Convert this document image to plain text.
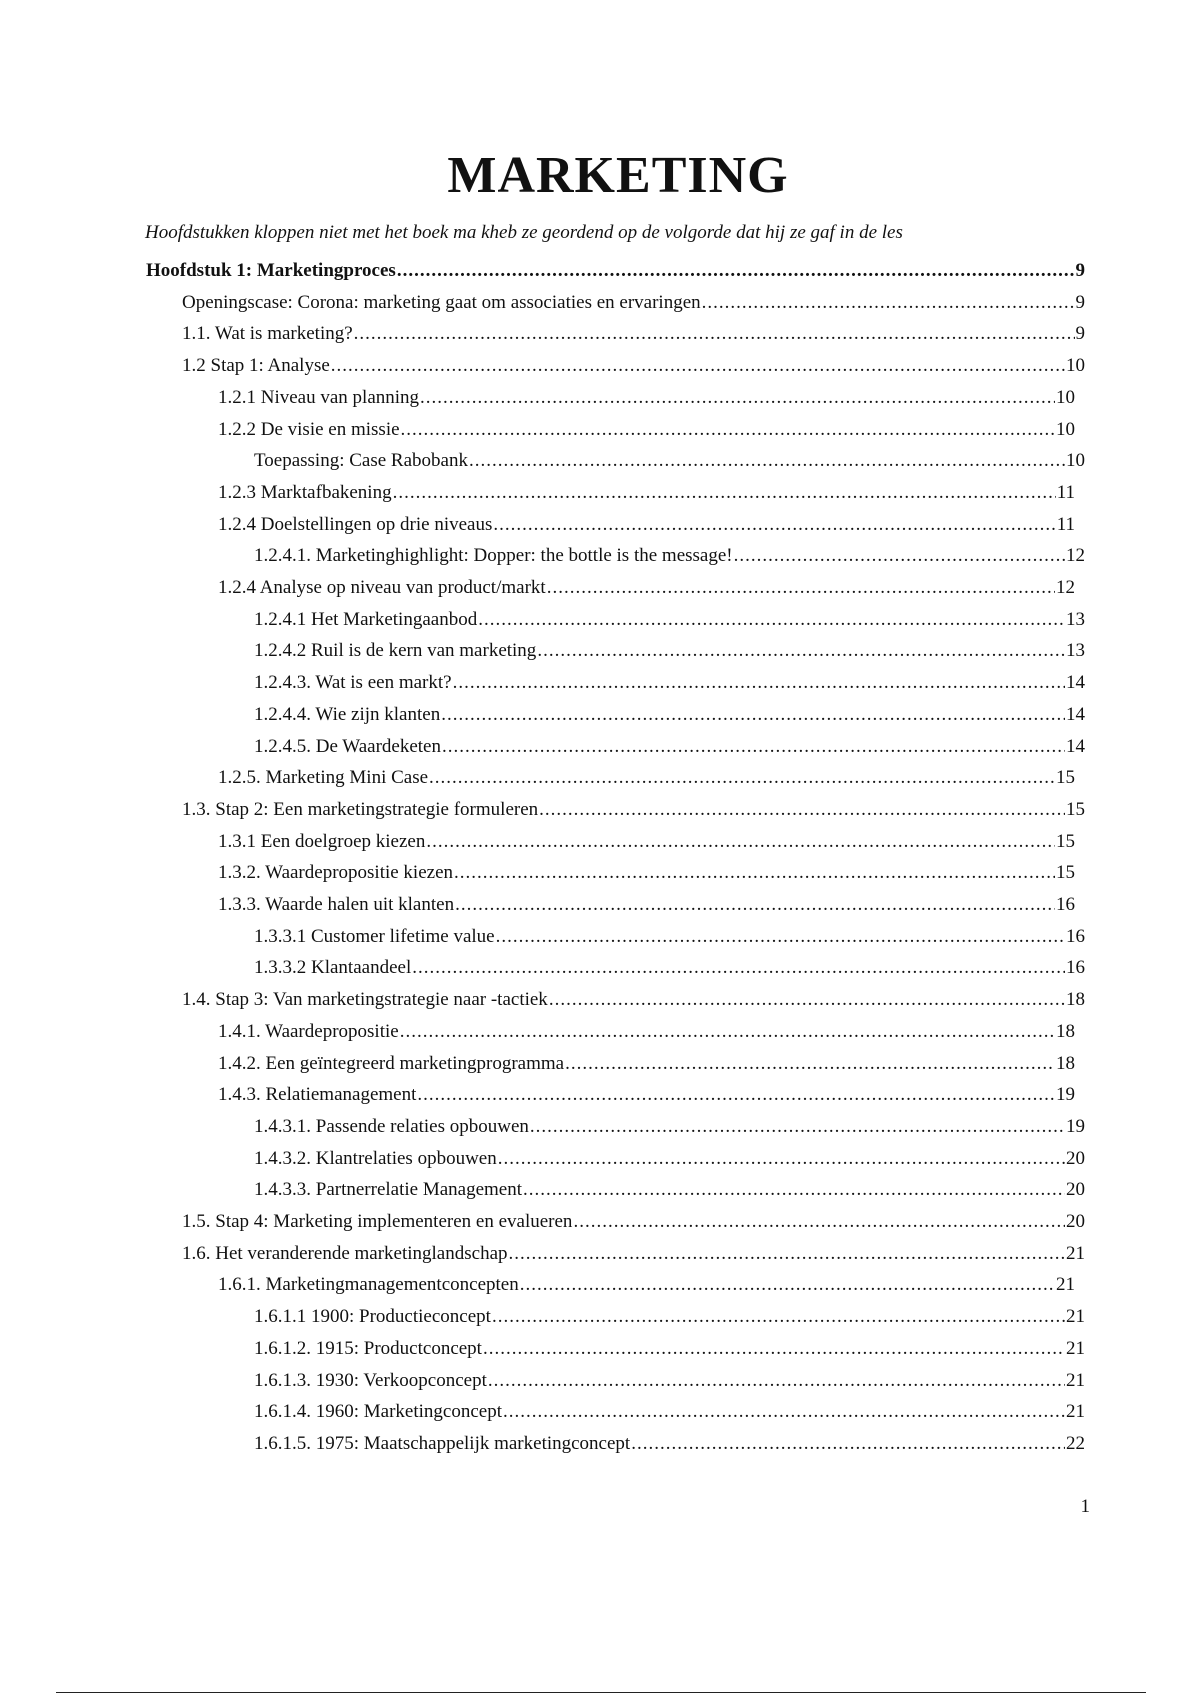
MARKETING
Hoofdstukken kloppen niet met het boek ma kheb ze geordend op de volgorde dat hij ze gaf in de les
Hoofdstuk 1: Marketingproces .....	9
Openingscase: Corona: marketing gaat om associaties en ervaringen .....	9
1.1. Wat is marketing? .....	9
1.2 Stap 1: Analyse .....	10
1.2.1 Niveau van planning .....	10
1.2.2 De visie en missie .....	10
Toepassing: Case Rabobank .....	10
1.2.3 Marktafbakening .....	11
1.2.4 Doelstellingen op drie niveaus .....	11
1.2.4.1. Marketinghighlight: Dopper: the bottle is the message! .....	12
1.2.4 Analyse op niveau van product/markt .....	12
1.2.4.1 Het Marketingaanbod .....	13
1.2.4.2 Ruil is de kern van marketing .....	13
1.2.4.3. Wat is een markt? .....	14
1.2.4.4. Wie zijn klanten .....	14
1.2.4.5. De Waardeketen .....	14
1.2.5. Marketing Mini Case .....	15
1.3. Stap 2: Een marketingstrategie formuleren .....	15
1.3.1 Een doelgroep kiezen .....	15
1.3.2. Waardepropositie kiezen .....	15
1.3.3. Waarde halen uit klanten .....	16
1.3.3.1 Customer lifetime value .....	16
1.3.3.2 Klantaandeel .....	16
1.4. Stap 3: Van marketingstrategie naar -tactiek .....	18
1.4.1. Waardepropositie .....	18
1.4.2. Een geïntegreerd marketingprogramma .....	18
1.4.3. Relatiemanagement .....	19
1.4.3.1. Passende relaties opbouwen .....	19
1.4.3.2. Klantrelaties opbouwen .....	20
1.4.3.3. Partnerrelatie Management .....	20
1.5. Stap 4: Marketing implementeren en evalueren .....	20
1.6. Het veranderende marketinglandschap .....	21
1.6.1. Marketingmanagementconcepten .....	21
1.6.1.1 1900: Productieconcept .....	21
1.6.1.2. 1915: Productconcept .....	21
1.6.1.3. 1930: Verkoopconcept .....	21
1.6.1.4. 1960: Marketingconcept .....	21
1.6.1.5. 1975: Maatschappelijk marketingconcept .....	22
1
